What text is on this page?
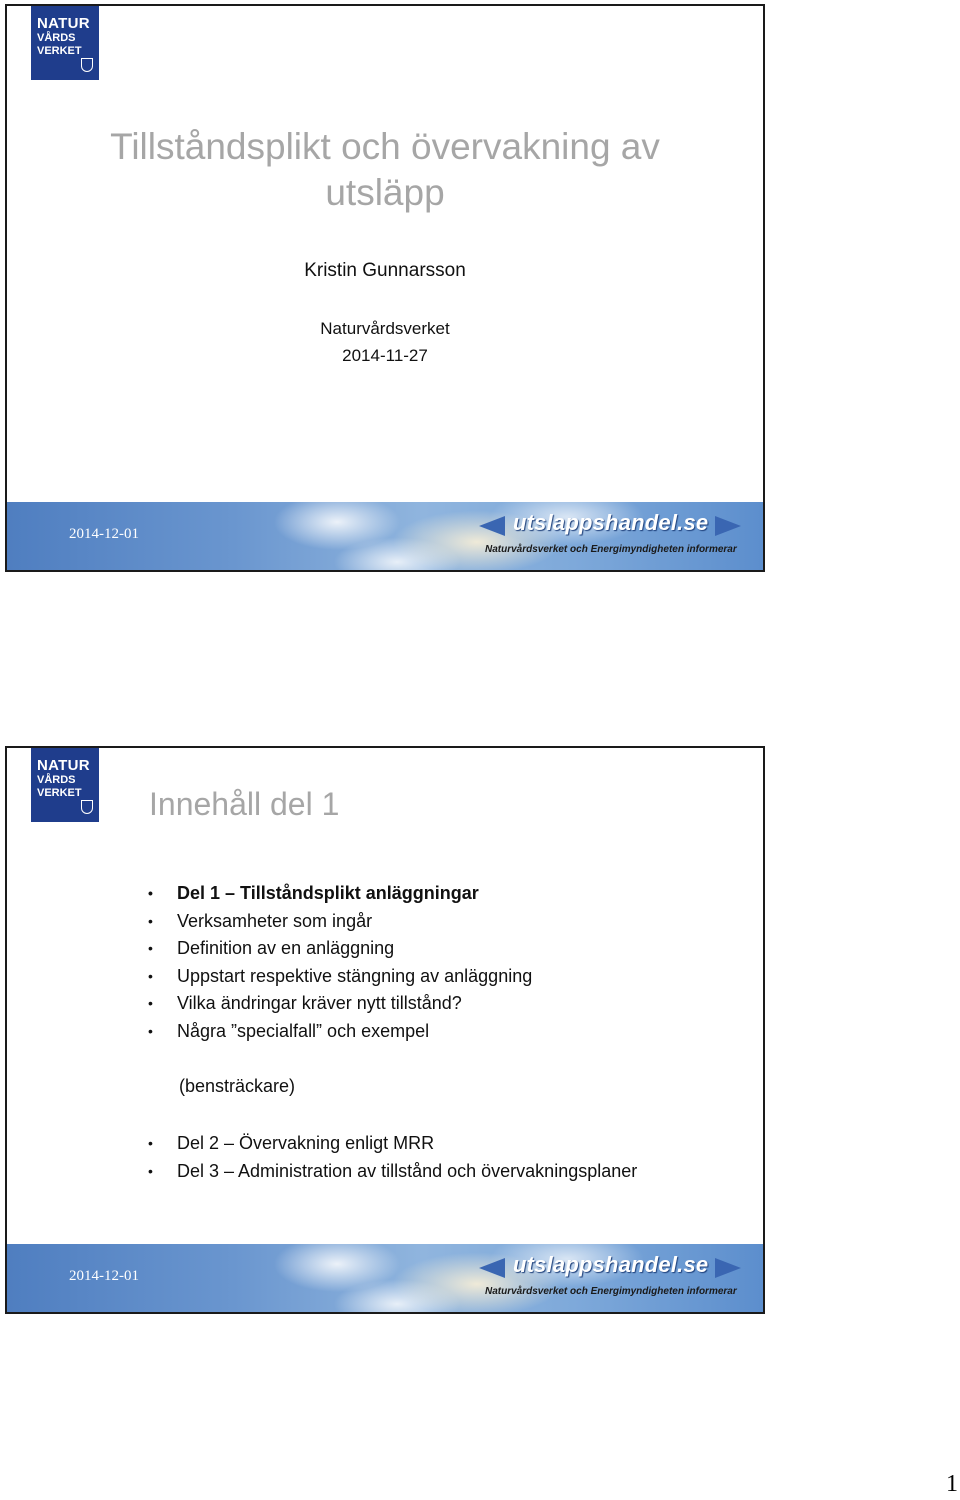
NATUR
VÅRDS
VERKET
Tillståndsplikt och övervakning av
utsläpp
Kristin Gunnarsson
Naturvårdsverket
2014-11-27
2014-12-01	utslappshandel.se
Naturvårdsverket och Energimyndigheten informerar
NATUR
VÅRDS
VERKET	Innehåll del 1
• Del 1 – Tillståndsplikt anläggningar
• Verksamheter som ingår
• Definition av en anläggning
• Uppstart respektive stängning av anläggning
• Vilka ändringar kräver nytt tillstånd?
• Några ”specialfall” och exempel
(bensträckare)
• Del 2 – Övervakning enligt MRR
• Del 3 – Administration av tillstånd och övervakningsplaner
2014-12-01	utslappshandel.se
Naturvårdsverket och Energimyndigheten informerar
1
